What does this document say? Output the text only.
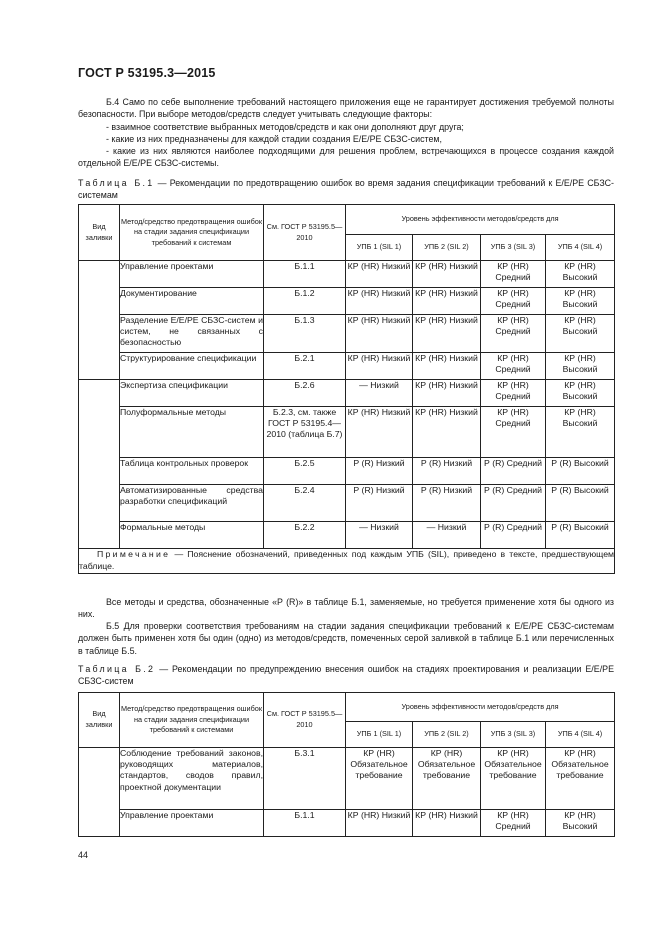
ГОСТ Р 53195.3—2015

Б.4 Само по себе выполнение требований настоящего приложения еще не гарантирует достижения требуемой полноты безопасности. При выборе методов/средств следует учитывать следующие факторы:

- взаимное соответствие выбранных методов/средств и как они дополняют друг друга;

- какие из них предназначены для каждой стадии создания E/E/PE СБЗС-систем,

- какие из них являются наиболее подходящими для решения проблем, встречающихся в процессе создания каждой отдельной E/E/PE СБЗС-системы.

Таблица Б.1 — Рекомендации по предотвращению ошибок во время задания спецификации требований к E/E/PE СБЗС-системам

Вид заливки	Метод/средство предотвращения ошибок на стадии задания спецификации требований к системам	См. ГОСТ Р 53195.5—2010	Уровень эффективности методов/средств для			
			УПБ 1 (SIL 1)	УПБ 2 (SIL 2)	УПБ 3 (SIL 3)	УПБ 4 (SIL 4)
	Управление проектами	Б.1.1	КР (HR) Низкий	КР (HR) Низкий	КР (HR) Средний	КР (HR) Высокий
	Документирование	Б.1.2	КР (HR) Низкий	КР (HR) Низкий	КР (HR) Средний	КР (HR) Высокий
	Разделение E/E/PE СБЗС-систем и систем, не связанных с безопасностью	Б.1.3	КР (HR) Низкий	КР (HR) Низкий	КР (HR) Средний	КР (HR) Высокий
	Структурирование спецификации	Б.2.1	КР (HR) Низкий	КР (HR) Низкий	КР (HR) Средний	КР (HR) Высокий
	Экспертиза спецификации	Б.2.6	— Низкий	КР (HR) Низкий	КР (HR) Средний	КР (HR) Высокий
	Полуформальные методы	Б.2.3, см. также ГОСТ Р 53195.4—2010 (таблица Б.7)	КР (HR) Низкий	КР (HR) Низкий	КР (HR) Средний	КР (HR) Высокий
	Таблица контрольных проверок	Б.2.5	Р (R) Низкий	Р (R) Низкий	Р (R) Средний	Р (R) Высокий
	Автоматизированные средства разработки спецификаций	Б.2.4	Р (R) Низкий	Р (R) Низкий	Р (R) Средний	Р (R) Высокий
	Формальные методы	Б.2.2	— Низкий	— Низкий	Р (R) Средний	Р (R) Высокий
Примечание — Пояснение обозначений, приведенных под каждым УПБ (SIL), приведено в тексте, предшествующем таблице.						

Все методы и средства, обозначенные «Р (R)» в таблице Б.1, заменяемые, но требуется применение хотя бы одного из них.

Б.5 Для проверки соответствия требованиям на стадии задания спецификации требований к E/E/PE СБЗС-системам должен быть применен хотя бы один (одно) из методов/средств, помеченных серой заливкой в таблице Б.1 или перечисленных в таблице Б.5.

Таблица Б.2 — Рекомендации по предупреждению внесения ошибок на стадиях проектирования и реализации E/E/PE СБЗС-систем

Вид заливки	Метод/средство предотвращения ошибок на стадии задания спецификации требований к системами	См. ГОСТ Р 53195.5—2010	Уровень эффективности методов/средств для			
			УПБ 1 (SIL 1)	УПБ 2 (SIL 2)	УПБ 3 (SIL 3)	УПБ 4 (SIL 4)
	Соблюдение требований законов, руководящих материалов, стандартов, сводов правил, проектной документации	Б.3.1	КР (HR) Обязательное требование	КР (HR) Обязательное требование	КР (HR) Обязательное требование	КР (HR) Обязательное требование
	Управление проектами	Б.1.1	КР (HR) Низкий	КР (HR) Низкий	КР (HR) Средний	КР (HR) Высокий
44
